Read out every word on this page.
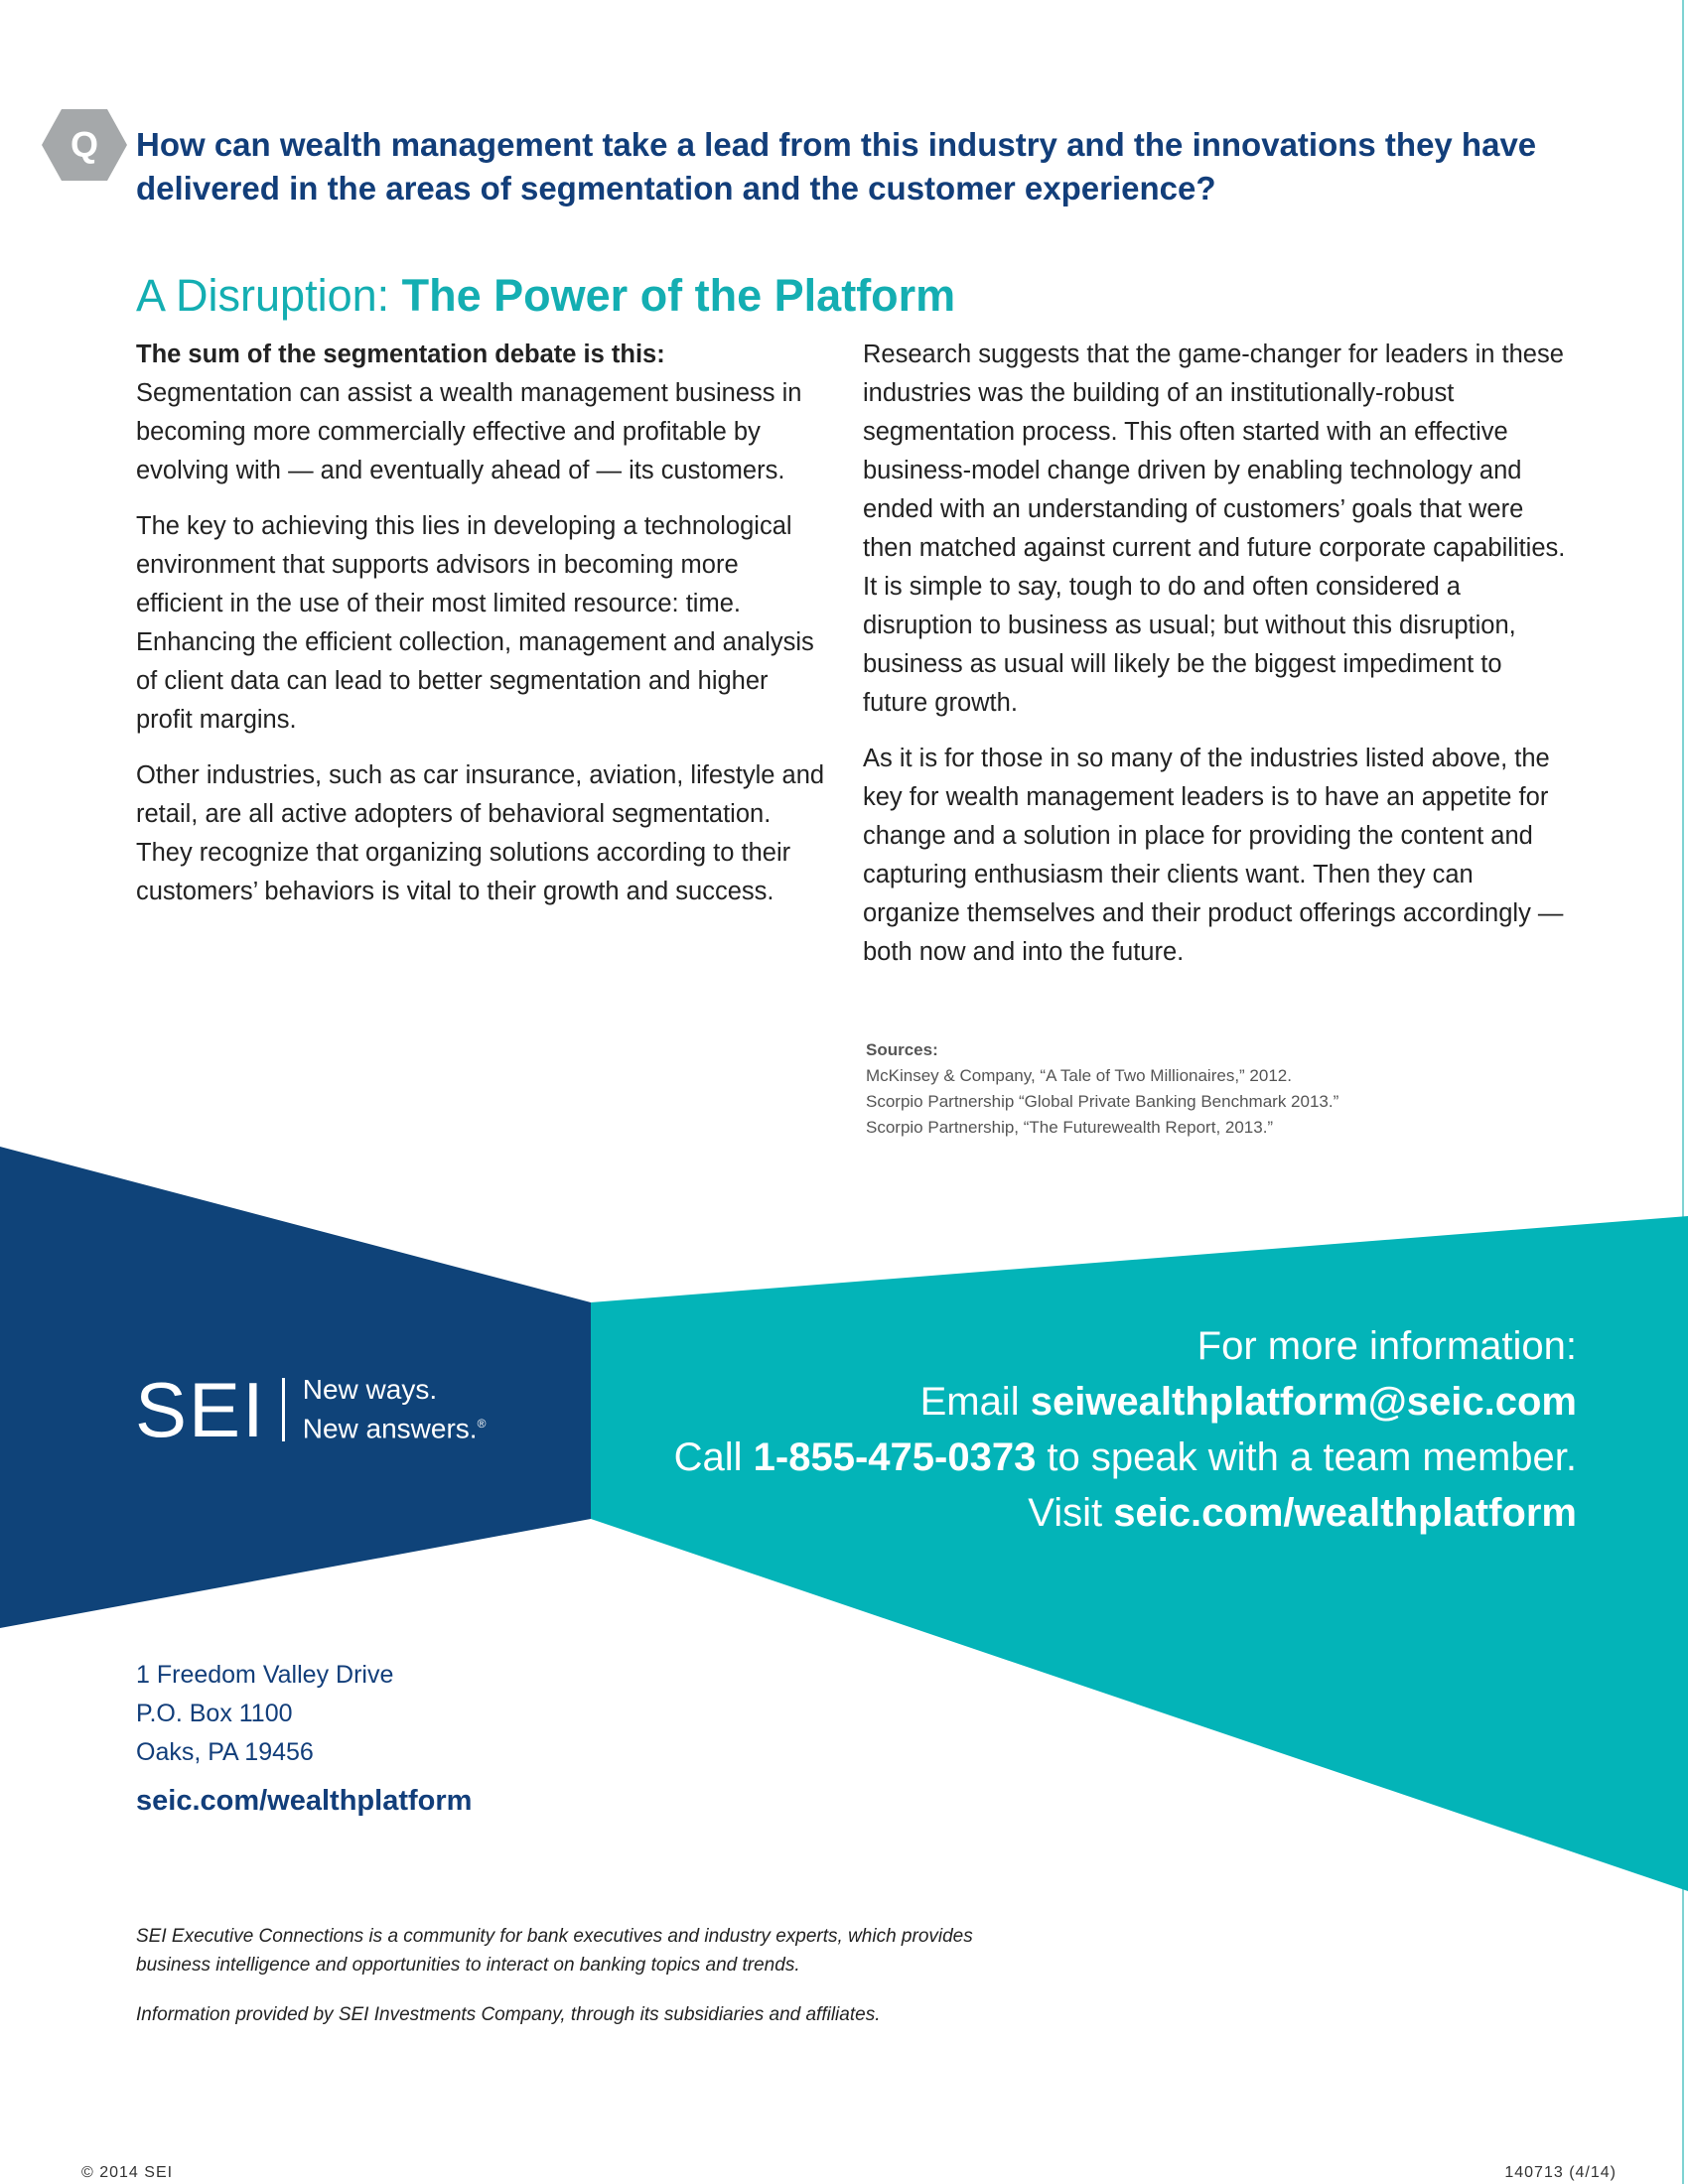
Q How can wealth management take a lead from this industry and the innovations they have delivered in the areas of segmentation and the customer experience?
A Disruption: The Power of the Platform

The sum of the segmentation debate is this:
Segmentation can assist a wealth management business in becoming more commercially effective and profitable by evolving with — and eventually ahead of — its customers.

The key to achieving this lies in developing a technological environment that supports advisors in becoming more efficient in the use of their most limited resource: time. Enhancing the efficient collection, management and analysis of client data can lead to better segmentation and higher profit margins.

Other industries, such as car insurance, aviation, lifestyle and retail, are all active adopters of behavioral segmentation. They recognize that organizing solutions according to their customers’ behaviors is vital to their growth and success.

Research suggests that the game-changer for leaders in these industries was the building of an institutionally-robust segmentation process. This often started with an effective business-model change driven by enabling technology and ended with an understanding of customers’ goals that were then matched against current and future corporate capabilities. It is simple to say, tough to do and often considered a disruption to business as usual; but without this disruption, business as usual will likely be the biggest impediment to future growth.

As it is for those in so many of the industries listed above, the key for wealth management leaders is to have an appetite for change and a solution in place for providing the content and capturing enthusiasm their clients want. Then they can organize themselves and their product offerings accordingly — both now and into the future.

Sources:
McKinsey & Company, “A Tale of Two Millionaires,” 2012.
Scorpio Partnership “Global Private Banking Benchmark 2013.”
Scorpio Partnership, “The Futurewealth Report, 2013.”
SEI New ways.
New answers.®
For more information:
Email seiwealthplatform@seic.com
Call 1-855-475-0373 to speak with a team member.
Visit seic.com/wealthplatform
1 Freedom Valley Drive
P.O. Box 1100
Oaks, PA 19456
seic.com/wealthplatform
SEI Executive Connections is a community for bank executives and industry experts, which provides business intelligence and opportunities to interact on banking topics and trends.
Information provided by SEI Investments Company, through its subsidiaries and affiliates.
© 2014 SEI	140713 (4/14)
